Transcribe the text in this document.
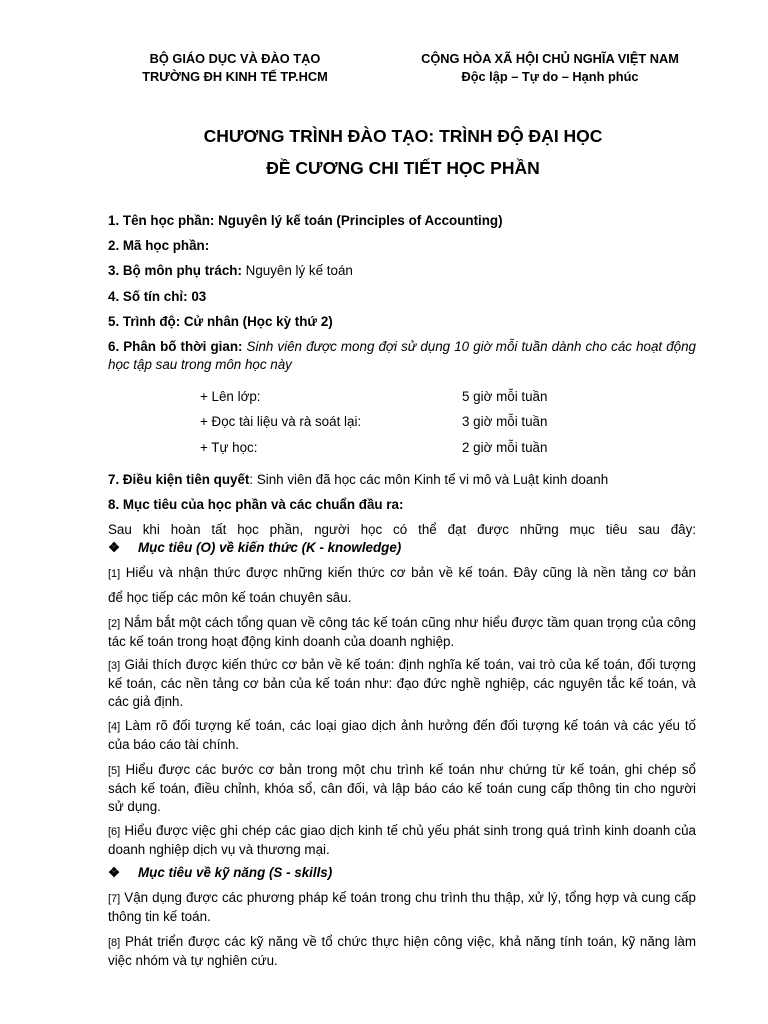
BỘ GIÁO DỤC VÀ ĐÀO TẠO
TRƯỜNG ĐH KINH TẾ TP.HCM
CỘNG HÒA XÃ HỘI CHỦ NGHĨA VIỆT NAM
Độc lập – Tự do – Hạnh phúc
CHƯƠNG TRÌNH ĐÀO TẠO: TRÌNH ĐỘ ĐẠI HỌC
ĐỀ CƯƠNG CHI TIẾT HỌC PHẦN
1. Tên học phần: Nguyên lý kế toán (Principles of Accounting)
2. Mã học phần:
3. Bộ môn phụ trách: Nguyên lý kế toán
4. Số tín chỉ: 03
5. Trình độ: Cử nhân (Học kỳ thứ 2)
6. Phân bố thời gian: Sinh viên được mong đợi sử dụng 10 giờ mỗi tuần dành cho các hoạt động học tập sau trong môn học này
+ Lên lớp:	5 giờ mỗi tuần
+ Đọc tài liệu và rà soát lại:	3 giờ mỗi tuần
+ Tự học:	2 giờ mỗi tuần
7. Điều kiện tiên quyết: Sinh viên đã học các môn Kinh tế vi mô và Luật kinh doanh
8. Mục tiêu của học phần và các chuẩn đầu ra:
Sau khi hoàn tất học phần, người học có thể đạt được những mục tiêu sau đây:
❖ Mục tiêu (O) về kiến thức (K - knowledge)
[1] Hiểu và nhận thức được những kiến thức cơ bản về kế toán. Đây cũng là nền tảng cơ bản
để học tiếp các môn kế toán chuyên sâu.
[2] Nắm bắt một cách tổng quan về công tác kế toán cũng như hiểu được tầm quan trọng của công tác kế toán trong hoạt động kinh doanh của doanh nghiệp.
[3] Giải thích được kiến thức cơ bản về kế toán: định nghĩa kế toán, vai trò của kế toán, đối tượng kế toán, các nền tảng cơ bản của kế toán như: đạo đức nghề nghiệp, các nguyên tắc kế toán, và các giả định.
[4] Làm rõ đối tượng kế toán, các loại giao dịch ảnh hưởng đến đối tượng kế toán và các yếu tố của báo cáo tài chính.
[5] Hiểu được các bước cơ bản trong một chu trình kế toán như chứng từ kế toán, ghi chép sổ sách kế toán, điều chỉnh, khóa sổ, cân đối, và lập báo cáo kế toán cung cấp thông tin cho người sử dụng.
[6] Hiểu được việc ghi chép các giao dịch kinh tế chủ yếu phát sinh trong quá trình kinh doanh của doanh nghiệp dịch vụ và thương mại.
❖ Mục tiêu về kỹ năng (S - skills)
[7] Vận dụng được các phương pháp kế toán trong chu trình thu thập, xử lý, tổng hợp và cung cấp thông tin kế toán.
[8] Phát triển được các kỹ năng về tổ chức thực hiện công việc, khả năng tính toán, kỹ năng làm việc nhóm và tự nghiên cứu.
